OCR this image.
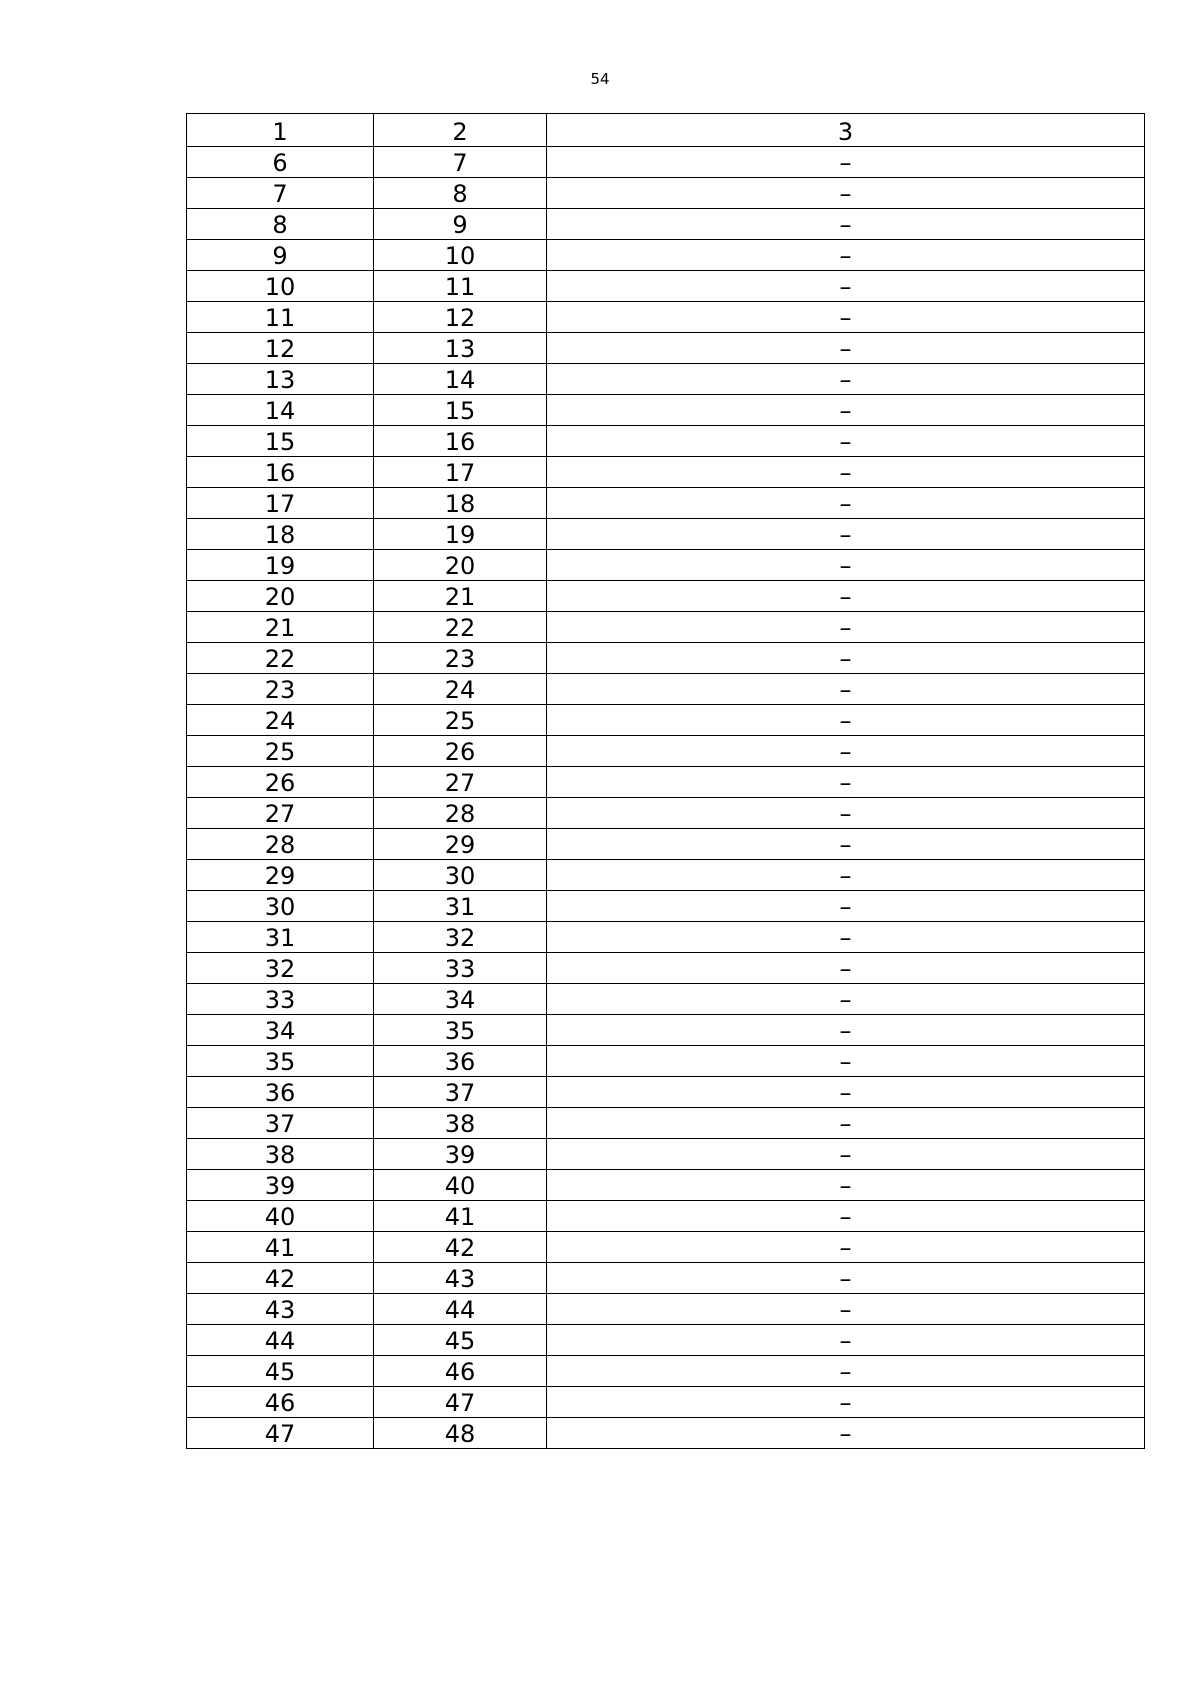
54
1	2	3
6	7	–
7	8	–
8	9	–
9	10	–
10	11	–
11	12	–
12	13	–
13	14	–
14	15	–
15	16	–
16	17	–
17	18	–
18	19	–
19	20	–
20	21	–
21	22	–
22	23	–
23	24	–
24	25	–
25	26	–
26	27	–
27	28	–
28	29	–
29	30	–
30	31	–
31	32	–
32	33	–
33	34	–
34	35	–
35	36	–
36	37	–
37	38	–
38	39	–
39	40	–
40	41	–
41	42	–
42	43	–
43	44	–
44	45	–
45	46	–
46	47	–
47	48	–
